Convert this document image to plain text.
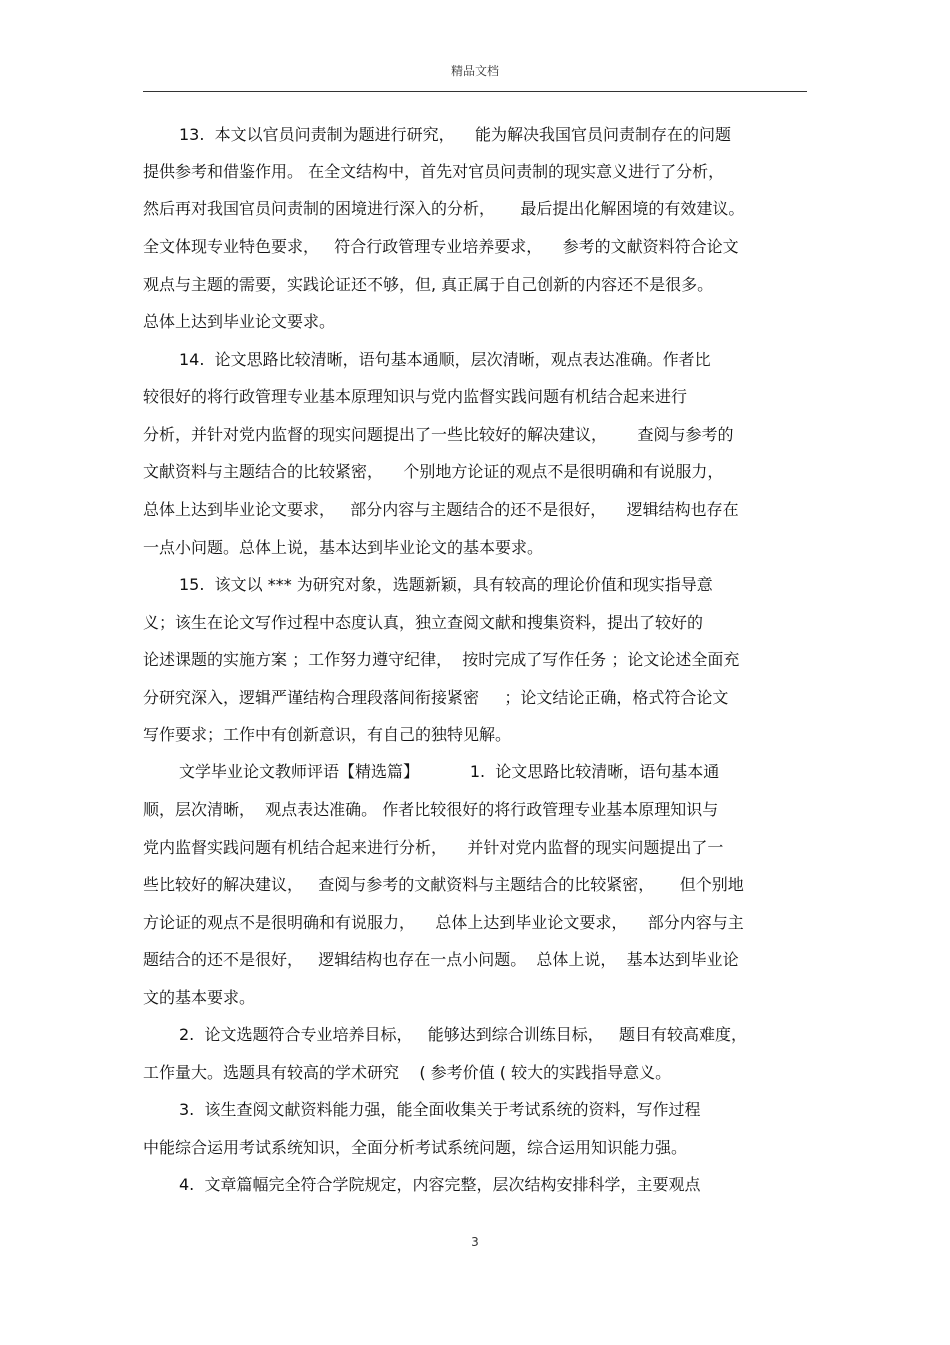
精品文档
13.  本文以官员问责制为题进行研究，    能为解决我国官员问责制存在的问题
提供参考和借鉴作用。 在全文结构中，首先对官员问责制的现实意义进行了分析，
然后再对我国官员问责制的困境进行深入的分析，     最后提出化解困境的有效建议。
全文体现专业特色要求，   符合行政管理专业培养要求，    参考的文献资料符合论文
观点与主题的需要，实践论证还不够，但, 真正属于自己创新的内容还不是很多。
总体上达到毕业论文要求。
14.  论文思路比较清晰，语句基本通顺，层次清晰，观点表达准确。作者比
较很好的将行政管理专业基本原理知识与党内监督实践问题有机结合起来进行
分析，并针对党内监督的现实问题提出了一些比较好的解决建议，      查阅与参考的
文献资料与主题结合的比较紧密，    个别地方论证的观点不是很明确和有说服力，
总体上达到毕业论文要求，   部分内容与主题结合的还不是很好，    逻辑结构也存在
一点小问题。总体上说，基本达到毕业论文的基本要求。
15.  该文以 *** 为研究对象，选题新颖，具有较高的理论价值和现实指导意
义；该生在论文写作过程中态度认真，独立查阅文献和搜集资料，提出了较好的
论述课题的实施方案 ；工作努力遵守纪律，  按时完成了写作任务 ；论文论述全面充
分研究深入，逻辑严谨结构合理段落间衔接紧密     ；论文结论正确，格式符合论文
写作要求；工作中有创新意识，有自己的独特见解。
文学毕业论文教师评语【精选篇】          1.  论文思路比较清晰，语句基本通
顺，层次清晰，  观点表达准确。 作者比较很好的将行政管理专业基本原理知识与
党内监督实践问题有机结合起来进行分析，    并针对党内监督的现实问题提出了一
些比较好的解决建议，   查阅与参考的文献资料与主题结合的比较紧密，     但个别地
方论证的观点不是很明确和有说服力，    总体上达到毕业论文要求，    部分内容与主
题结合的还不是很好，   逻辑结构也存在一点小问题。  总体上说，  基本达到毕业论
文的基本要求。
2.  论文选题符合专业培养目标，   能够达到综合训练目标，   题目有较高难度，
工作量大。选题具有较高的学术研究    ( 参考价值 ( 较大的实践指导意义。
3.  该生查阅文献资料能力强，能全面收集关于考试系统的资料，写作过程
中能综合运用考试系统知识，全面分析考试系统问题，综合运用知识能力强。
4.  文章篇幅完全符合学院规定，内容完整，层次结构安排科学，主要观点
3
